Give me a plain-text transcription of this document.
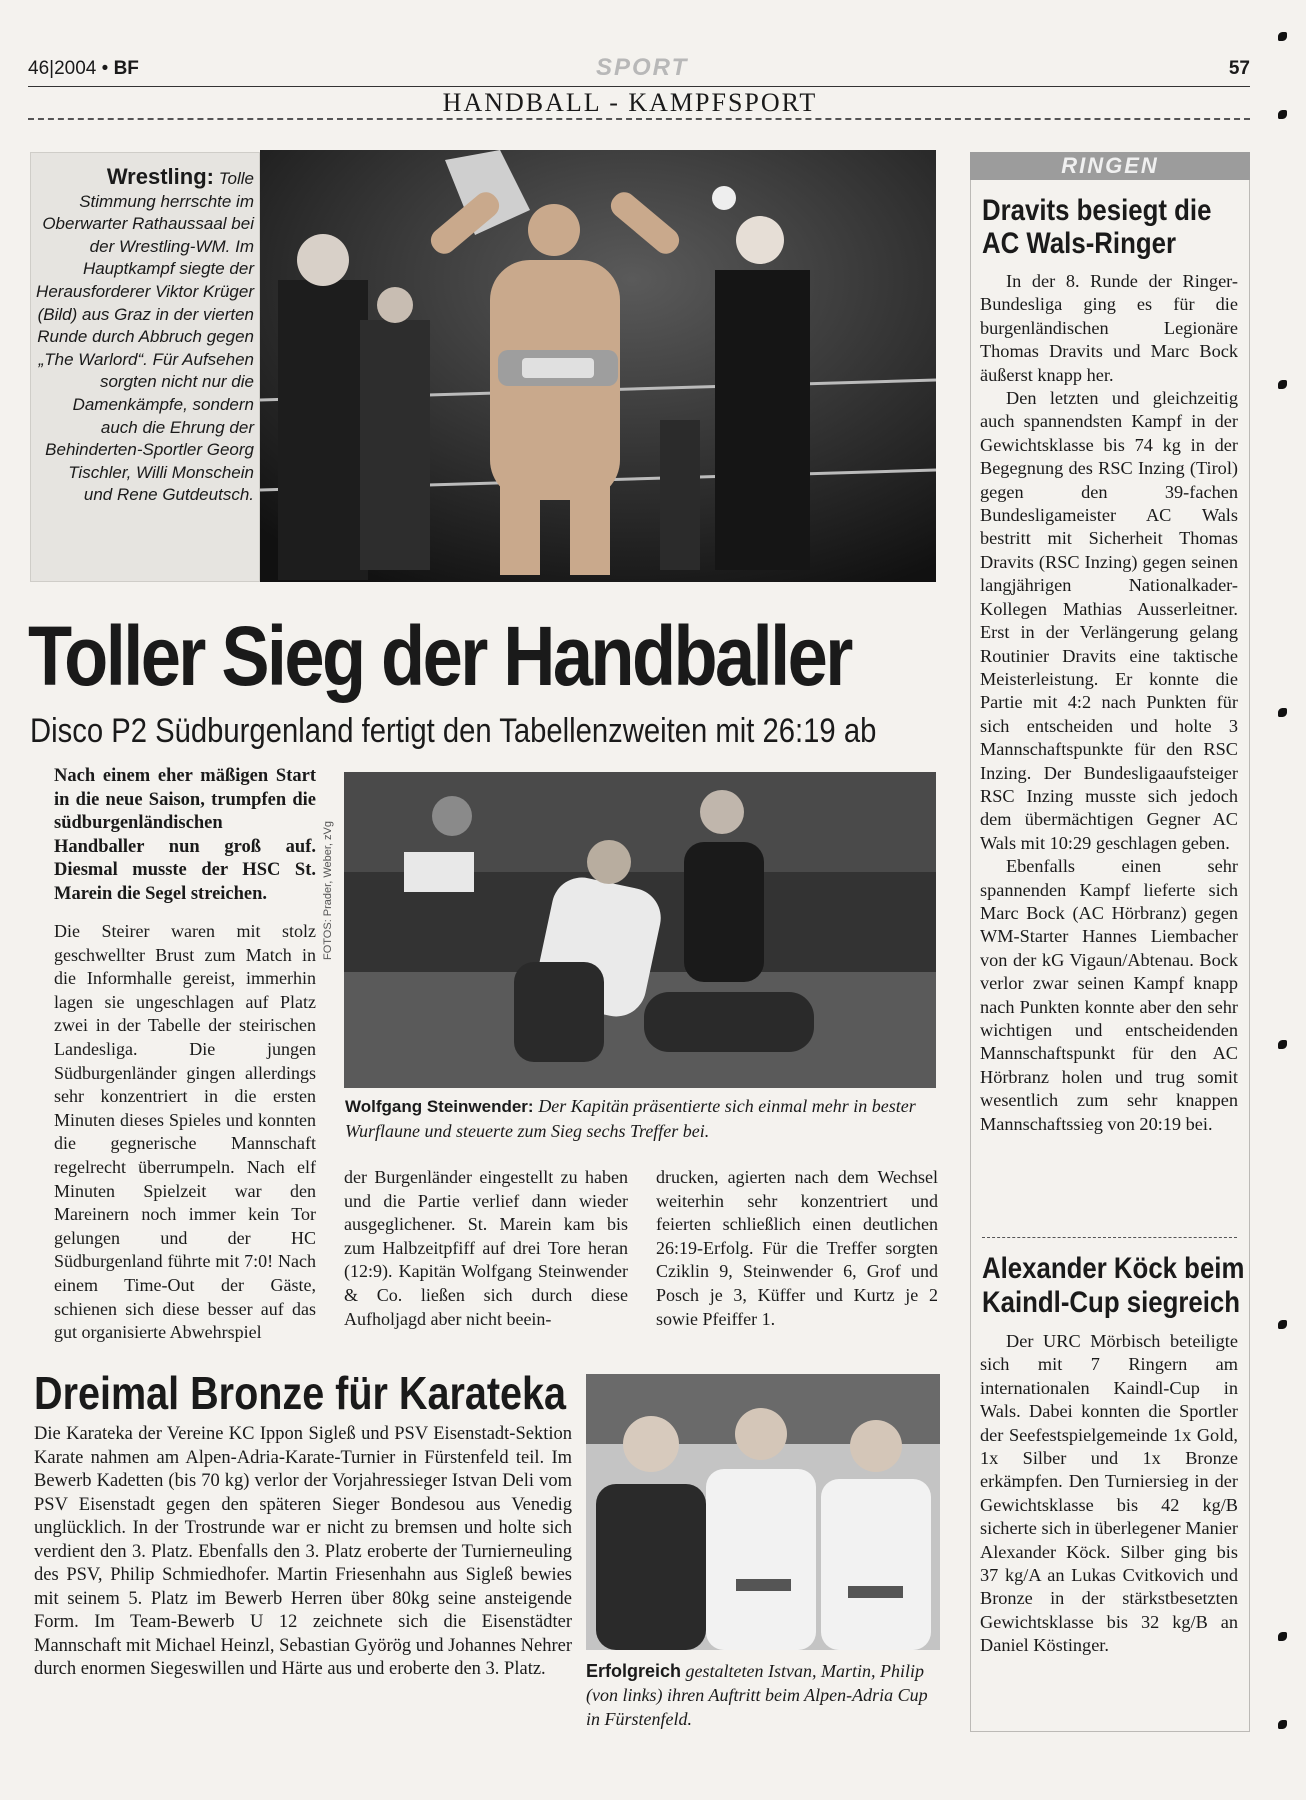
46|2004 • BF	SPORT	57
HANDBALL - KAMPFSPORT
Wrestling: Tolle Stimmung herrschte im Oberwarter Rathaussaal bei der Wrestling-WM. Im Hauptkampf siegte der Herausforderer Viktor Krüger (Bild) aus Graz in der vierten Runde durch Abbruch gegen „The Warlord“. Für Aufsehen sorgten nicht nur die Damenkämpfe, sondern auch die Ehrung der Behinderten-Sportler Georg Tischler, Willi Monschein und Rene Gutdeutsch.
Toller Sieg der Handballer
Disco P2 Südburgenland fertigt den Tabellenzweiten mit 26:19 ab
Nach einem eher mäßigen Start in die neue Saison, trumpfen die südburgenländischen Handballer nun groß auf. Diesmal musste der HSC St. Marein die Segel streichen.	FOTOS: Prader, Weber, zVg
Wolfgang Steinwender: Der Kapitän präsentierte sich einmal mehr in bester Wurflaune und steuerte zum Sieg sechs Treffer bei.
Die Steirer waren mit stolz geschwellter Brust zum Match in die Informhalle gereist, immerhin lagen sie ungeschlagen auf Platz zwei in der Tabelle der steirischen Landesliga. Die jungen Südburgenländer gingen allerdings sehr konzentriert in die ersten Minuten dieses Spieles und konnten die gegnerische Mannschaft regelrecht überrumpeln. Nach elf Minuten Spielzeit war den Mareinern noch immer kein Tor gelungen und der HC Südburgenland führte mit 7:0! Nach einem Time-Out der Gäste, schienen sich diese besser auf das gut organisierte Abwehrspiel
der Burgenländer eingestellt zu haben und die Partie verlief dann wieder ausgeglichener. St. Marein kam bis zum Halbzeitpfiff auf drei Tore heran (12:9). Kapitän Wolfgang Steinwender & Co. ließen sich durch diese Aufholjagd aber nicht beein-
drucken, agierten nach dem Wechsel weiterhin sehr konzentriert und feierten schließlich einen deutlichen 26:19-Erfolg. Für die Treffer sorgten Cziklin 9, Steinwender 6, Grof und Posch je 3, Küffer und Kurtz je 2 sowie Pfeiffer 1.
Dreimal Bronze für Karateka
Die Karateka der Vereine KC Ippon Sigleß und PSV Eisenstadt-Sektion Karate nahmen am Alpen-Adria-Karate-Turnier in Fürstenfeld teil. Im Bewerb Kadetten (bis 70 kg) verlor der Vorjahressieger Istvan Deli vom PSV Eisenstadt gegen den späteren Sieger Bondesou aus Venedig unglücklich. In der Trostrunde war er nicht zu bremsen und holte sich verdient den 3. Platz. Ebenfalls den 3. Platz eroberte der Turnierneuling des PSV, Philip Schmiedhofer. Martin Friesenhahn aus Sigleß bewies mit seinem 5. Platz im Bewerb Herren über 80kg seine ansteigende Form. Im Team-Bewerb U 12 zeichnete sich die Eisenstädter Mannschaft mit Michael Heinzl, Sebastian Györög und Johannes Nehrer durch enormen Siegeswillen und Härte aus und eroberte den 3. Platz.	Erfolgreich gestalteten Istvan, Martin, Philip (von links) ihren Auftritt beim Alpen-Adria Cup in Fürstenfeld.
RINGEN
Dravits besiegt die
AC Wals-Ringer
In der 8. Runde der Ringer-Bundesliga ging es für die burgenländischen Legionäre Thomas Dravits und Marc Bock äußerst knapp her.
Den letzten und gleichzeitig auch spannendsten Kampf in der Gewichtsklasse bis 74 kg in der Begegnung des RSC Inzing (Tirol) gegen den 39-fachen Bundesligameister AC Wals bestritt mit Sicherheit Thomas Dravits (RSC Inzing) gegen seinen langjährigen Nationalkader-Kollegen Mathias Ausserleitner. Erst in der Verlängerung gelang Routinier Dravits eine taktische Meisterleistung. Er konnte die Partie mit 4:2 nach Punkten für sich entscheiden und holte 3 Mannschaftspunkte für den RSC Inzing. Der Bundesligaaufsteiger RSC Inzing musste sich jedoch dem übermächtigen Gegner AC Wals mit 10:29 geschlagen geben.
Ebenfalls einen sehr spannenden Kampf lieferte sich Marc Bock (AC Hörbranz) gegen WM-Starter Hannes Liembacher von der kG Vigaun/Abtenau. Bock verlor zwar seinen Kampf knapp nach Punkten konnte aber den sehr wichtigen und entscheidenden Mannschaftspunkt für den AC Hörbranz holen und trug somit wesentlich zum sehr knappen Mannschaftssieg von 20:19 bei.
Alexander Köck beim
Kaindl-Cup siegreich
Der URC Mörbisch beteiligte sich mit 7 Ringern am internationalen Kaindl-Cup in Wals. Dabei konnten die Sportler der Seefestspielgemeinde 1x Gold, 1x Silber und 1x Bronze erkämpfen. Den Turniersieg in der Gewichtsklasse bis 42 kg/B sicherte sich in überlegener Manier Alexander Köck. Silber ging bis 37 kg/A an Lukas Cvitkovich und Bronze in der stärkstbesetzten Gewichtsklasse bis 32 kg/B an Daniel Köstinger.
